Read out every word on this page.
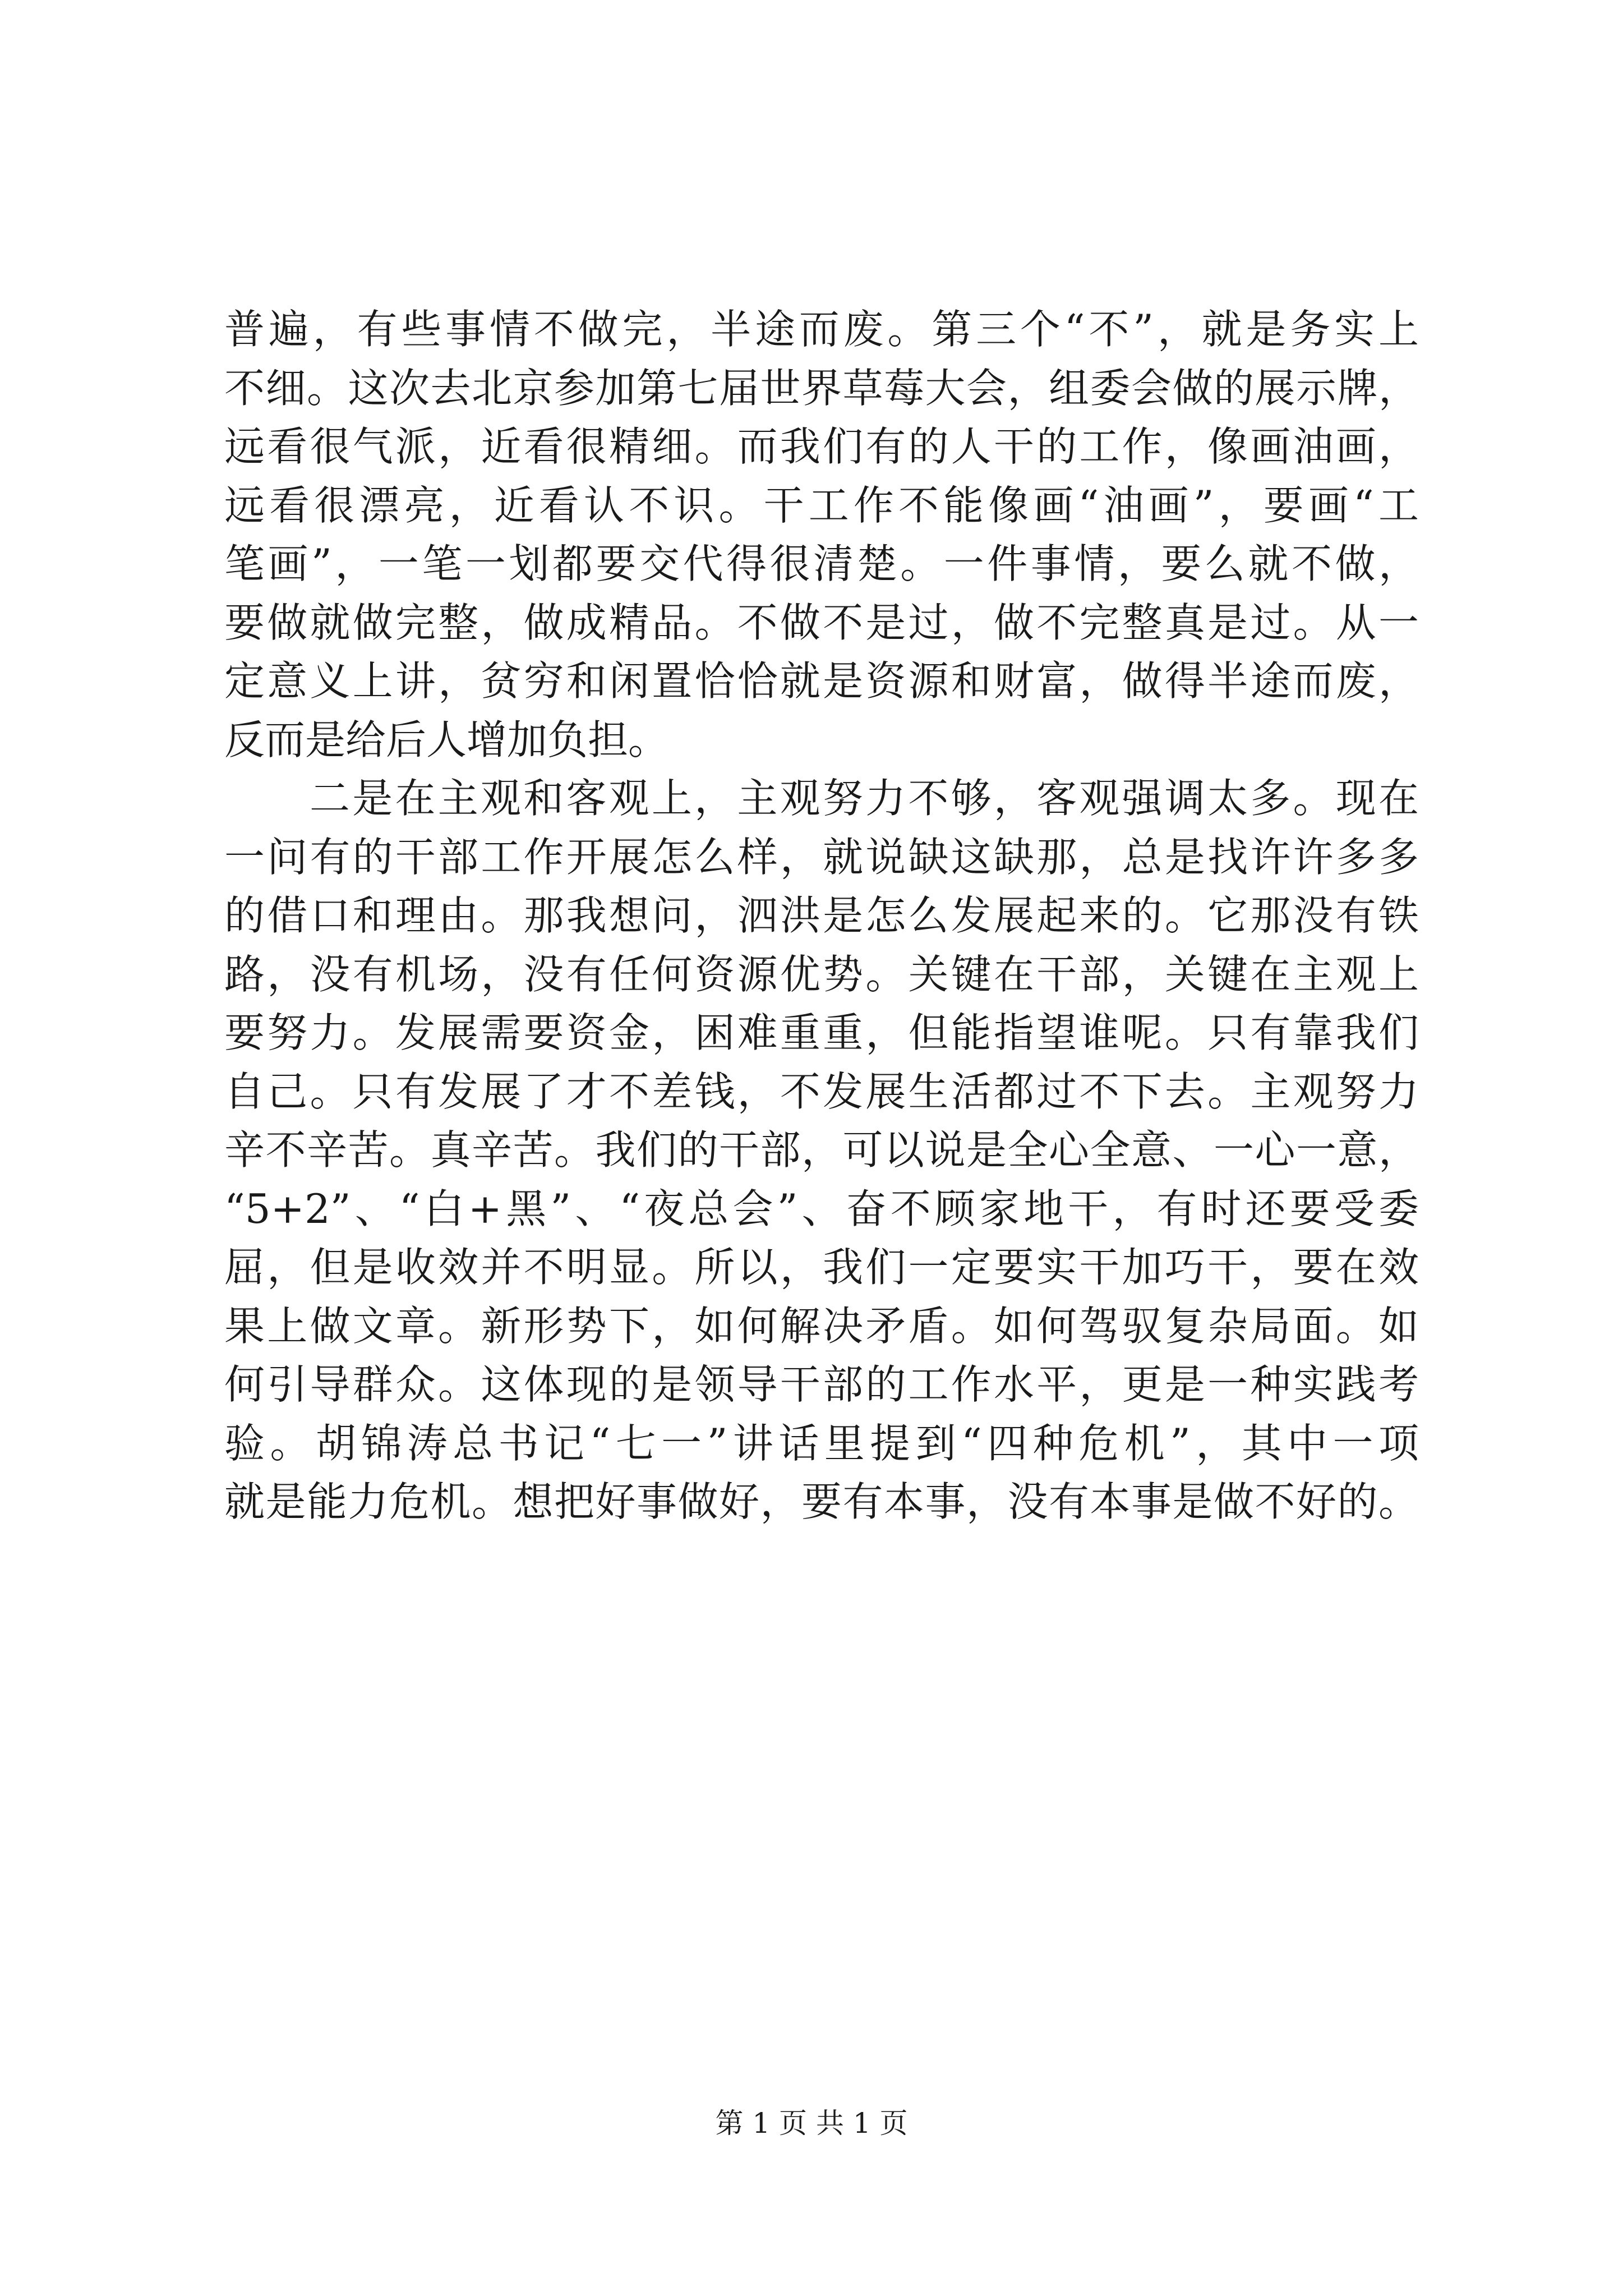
普遍，有些事情不做完，半途而废。第三个“不”，就是务实上
不细。这次去北京参加第七届世界草莓大会，组委会做的展示牌，
远看很气派，近看很精细。而我们有的人干的工作，像画油画，
远看很漂亮，近看认不识。干工作不能像画“油画”，要画“工
笔画”，一笔一划都要交代得很清楚。一件事情，要么就不做，
要做就做完整，做成精品。不做不是过，做不完整真是过。从一
定意义上讲，贫穷和闲置恰恰就是资源和财富，做得半途而废，
反而是给后人增加负担。
二是在主观和客观上，主观努力不够，客观强调太多。现在
一问有的干部工作开展怎么样，就说缺这缺那，总是找许许多多
的借口和理由。那我想问，泗洪是怎么发展起来的。它那没有铁
路，没有机场，没有任何资源优势。关键在干部，关键在主观上
要努力。发展需要资金，困难重重，但能指望谁呢。只有靠我们
自己。只有发展了才不差钱，不发展生活都过不下去。主观努力
辛不辛苦。真辛苦。我们的干部，可以说是全心全意、一心一意，
“5+2”、“白+黑”、“夜总会”、奋不顾家地干，有时还要受委
屈，但是收效并不明显。所以，我们一定要实干加巧干，要在效
果上做文章。新形势下，如何解决矛盾。如何驾驭复杂局面。如
何引导群众。这体现的是领导干部的工作水平，更是一种实践考
验。胡锦涛总书记“七一”讲话里提到“四种危机”，其中一项
就是能力危机。想把好事做好，要有本事，没有本事是做不好的。
第 1 页 共 1 页
